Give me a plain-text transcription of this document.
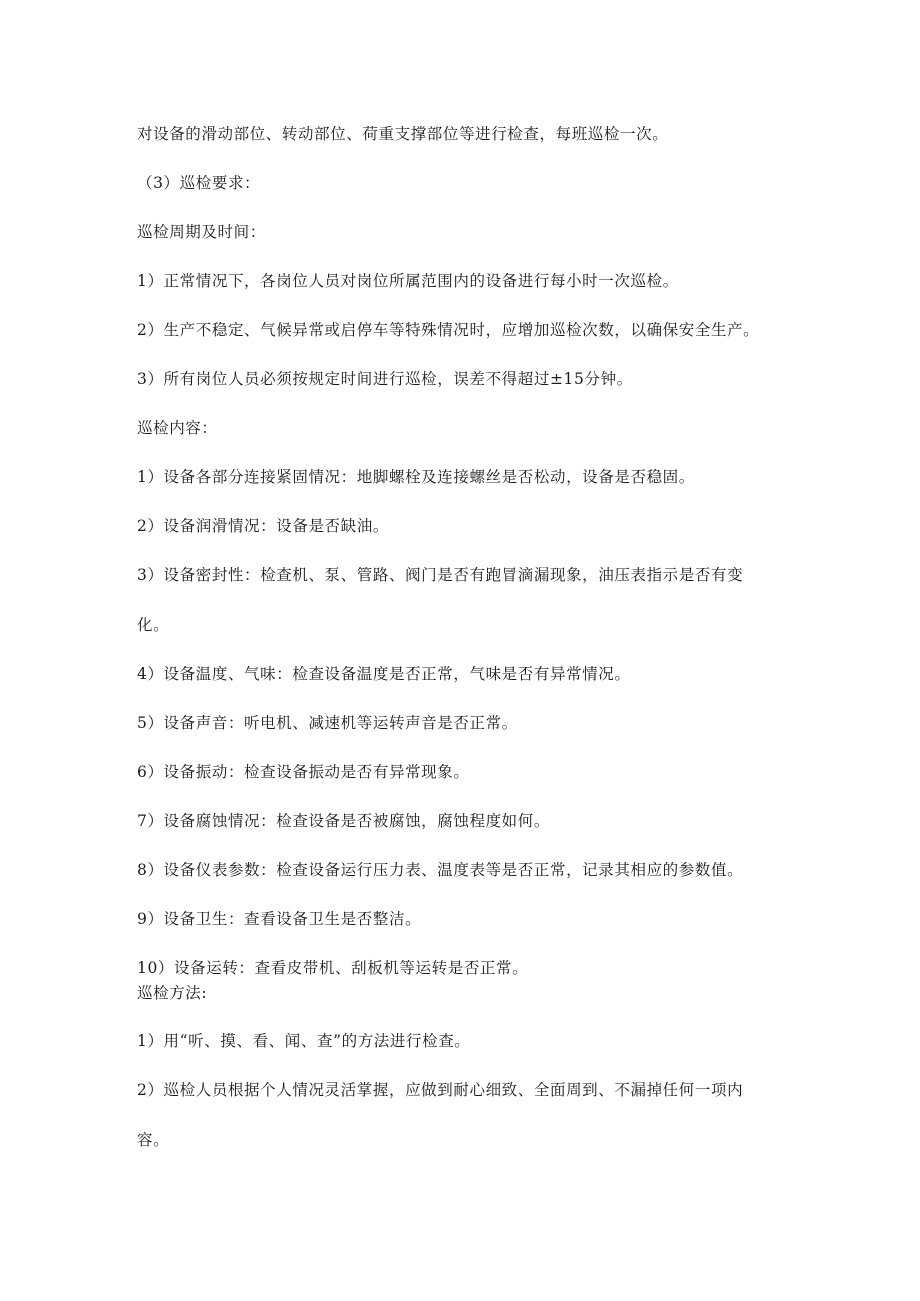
对设备的滑动部位、转动部位、荷重支撑部位等进行检查，每班巡检一次。
（3）巡检要求：
巡检周期及时间：
1）正常情况下，各岗位人员对岗位所属范围内的设备进行每小时一次巡检。
2）生产不稳定、气候异常或启停车等特殊情况时，应增加巡检次数，以确保安全生产。
3）所有岗位人员必须按规定时间进行巡检，误差不得超过±15分钟。
巡检内容：
1）设备各部分连接紧固情况：地脚螺栓及连接螺丝是否松动，设备是否稳固。
2）设备润滑情况：设备是否缺油。
3）设备密封性：检查机、泵、管路、阀门是否有跑冒滴漏现象，油压表指示是否有变
化。
4）设备温度、气味：检查设备温度是否正常，气味是否有异常情况。
5）设备声音：听电机、减速机等运转声音是否正常。
6）设备振动：检查设备振动是否有异常现象。
7）设备腐蚀情况：检查设备是否被腐蚀，腐蚀程度如何。
8）设备仪表参数：检查设备运行压力表、温度表等是否正常，记录其相应的参数值。
9）设备卫生：查看设备卫生是否整洁。
10）设备运转：查看皮带机、刮板机等运转是否正常。
巡检方法:
1）用“听、摸、看、闻、查”的方法进行检查。
2）巡检人员根据个人情况灵活掌握，应做到耐心细致、全面周到、不漏掉任何一项内
容。
